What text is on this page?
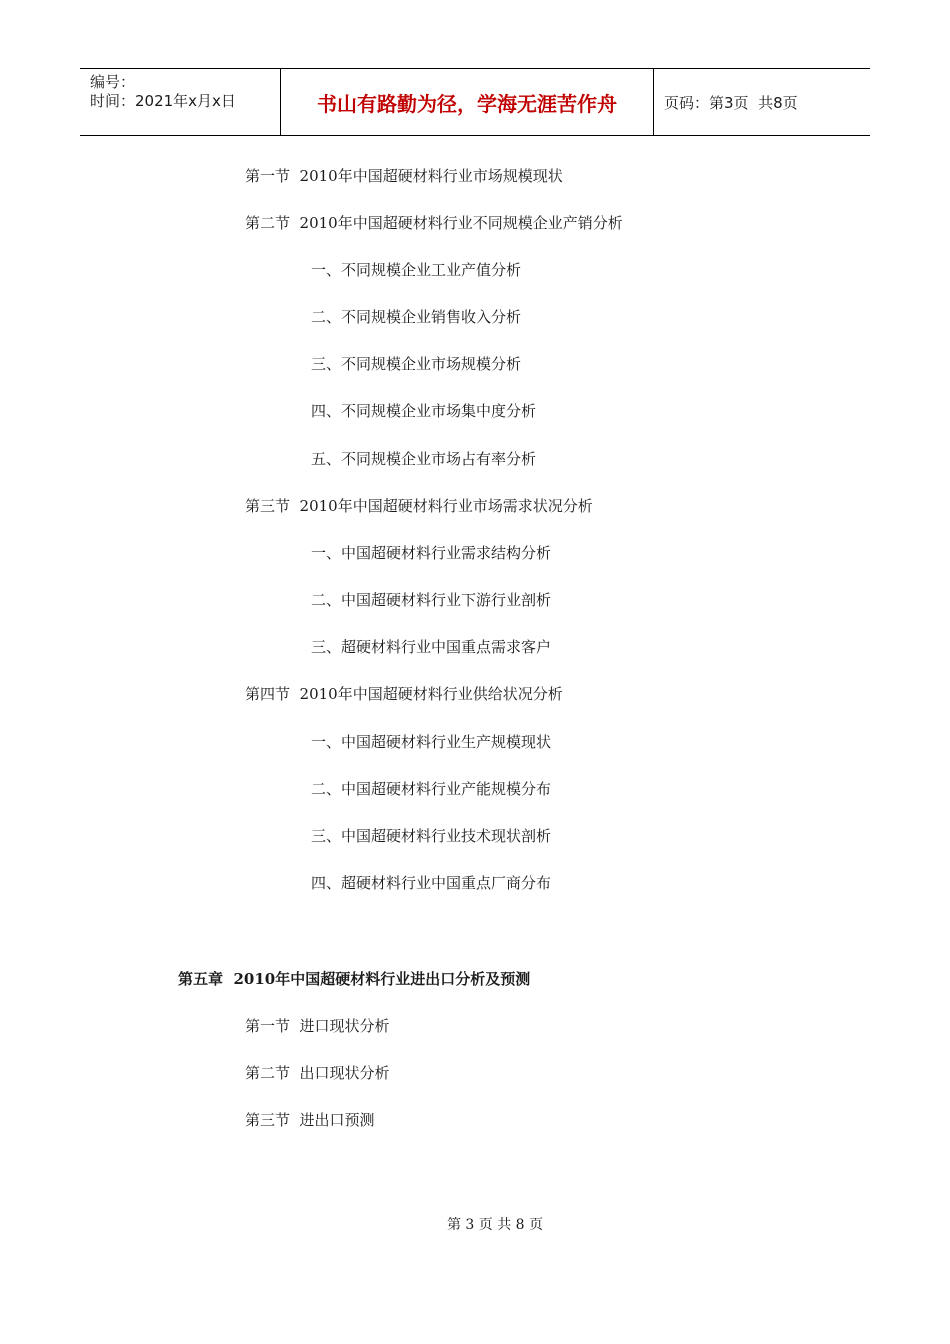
编号：
时间：2021年x月x日	书山有路勤为径，学海无涯苦作舟	页码：第3页  共8页
第一节  2010年中国超硬材料行业市场规模现状
第二节  2010年中国超硬材料行业不同规模企业产销分析
一、不同规模企业工业产值分析
二、不同规模企业销售收入分析
三、不同规模企业市场规模分析
四、不同规模企业市场集中度分析
五、不同规模企业市场占有率分析
第三节  2010年中国超硬材料行业市场需求状况分析
一、中国超硬材料行业需求结构分析
二、中国超硬材料行业下游行业剖析
三、超硬材料行业中国重点需求客户
第四节  2010年中国超硬材料行业供给状况分析
一、中国超硬材料行业生产规模现状
二、中国超硬材料行业产能规模分布
三、中国超硬材料行业技术现状剖析
四、超硬材料行业中国重点厂商分布
第五章  2010年中国超硬材料行业进出口分析及预测
第一节  进口现状分析
第二节  出口现状分析
第三节  进出口预测
第 3 页 共 8 页
